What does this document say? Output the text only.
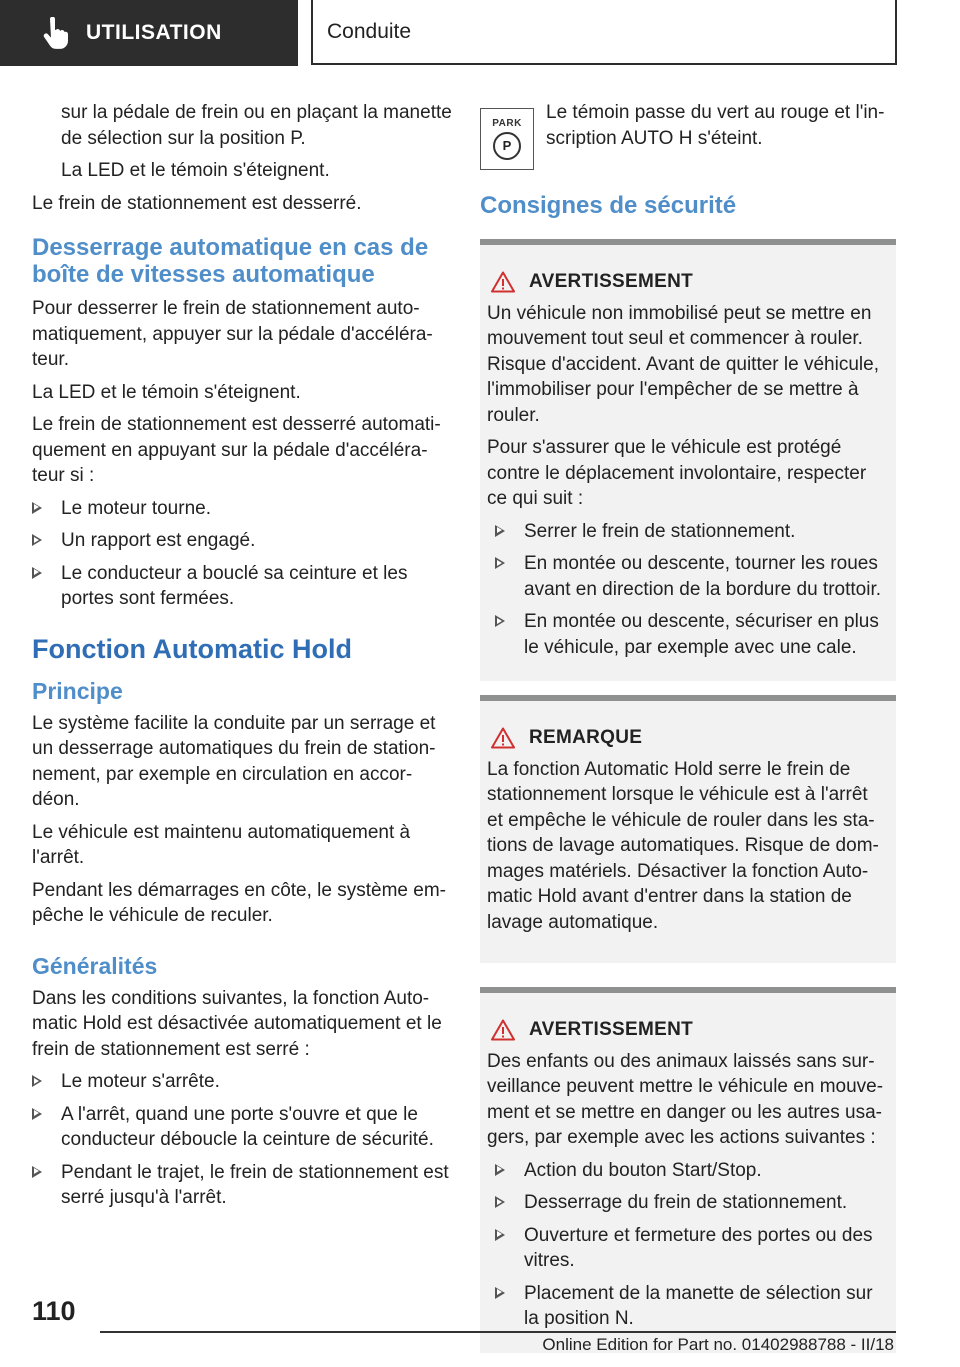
UTILISATION	Conduite

sur la pédale de frein ou en plaçant la manette de sélection sur la position P.

La LED et le témoin s'éteignent.

Le frein de stationnement est desserré.

Desserrage automatique en cas de boîte de vitesses automatique

Pour desserrer le frein de stationnement automatiquement, appuyer sur la pédale d'accélérateur.

La LED et le témoin s'éteignent.

Le frein de stationnement est desserré automatiquement en appuyant sur la pédale d'accélérateur si :

Le moteur tourne.
Un rapport est engagé.
Le conducteur a bouclé sa ceinture et les portes sont fermées.
Fonction Automatic Hold
Principe

Le système facilite la conduite par un serrage et un desserrage automatiques du frein de stationnement, par exemple en circulation en accordéon.

Le véhicule est maintenu automatiquement à l'arrêt.

Pendant les démarrages en côte, le système empêche le véhicule de reculer.

Généralités

Dans les conditions suivantes, la fonction Automatic Hold est désactivée automatiquement et le frein de stationnement est serré :

Le moteur s'arrête.
A l'arrêt, quand une porte s'ouvre et que le conducteur déboucle la ceinture de sécurité.
Pendant le trajet, le frein de stationnement est serré jusqu'à l'arrêt.
PARK
P

Le témoin passe du vert au rouge et l'inscription AUTO H s'éteint.

Consignes de sécurité
AVERTISSEMENT

Un véhicule non immobilisé peut se mettre en mouvement tout seul et commencer à rouler. Risque d'accident. Avant de quitter le véhicule, l'immobiliser pour l'empêcher de se mettre à rouler.

Pour s'assurer que le véhicule est protégé contre le déplacement involontaire, respecter ce qui suit :

Serrer le frein de stationnement.
En montée ou descente, tourner les roues avant en direction de la bordure du trottoir.
En montée ou descente, sécuriser en plus le véhicule, par exemple avec une cale.
REMARQUE

La fonction Automatic Hold serre le frein de stationnement lorsque le véhicule est à l'arrêt et empêche le véhicule de rouler dans les stations de lavage automatiques. Risque de dommages matériels. Désactiver la fonction Automatic Hold avant d'entrer dans la station de lavage automatique.

AVERTISSEMENT

Des enfants ou des animaux laissés sans surveillance peuvent mettre le véhicule en mouvement et se mettre en danger ou les autres usagers, par exemple avec les actions suivantes :

Action du bouton Start/Stop.
Desserrage du frein de stationnement.
Ouverture et fermeture des portes ou des vitres.
Placement de la manette de sélection sur la position N.
110
Online Edition for Part no. 01402988788 - II/18
